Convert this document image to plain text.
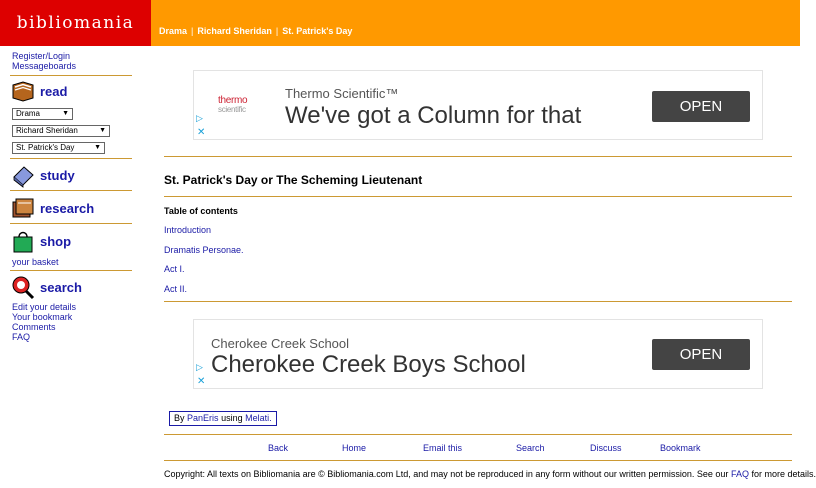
bibliomania	Drama | Richard Sheridan | St. Patrick's Day
Register/Login
Messageboards
read
Drama	▼
Richard Sheridan	▼
St. Patrick's Day	▼
study
research
shop
your basket
search
Edit your details
Your bookmark
Comments
FAQ
thermo
scientific
Thermo Scientific™
We've got a Column for that	OPEN
▷
✕
St. Patrick's Day or The Scheming Lieutenant
Table of contents
Introduction
Dramatis Personae.
Act I.
Act II.
Cherokee Creek School
Cherokee Creek Boys School	OPEN
▷
✕
By PanEris using Melati.
Back	Home	Email this	Search	Discuss	Bookmark
Copyright: All texts on Bibliomania are © Bibliomania.com Ltd, and may not be reproduced in any form without our written permission. See our FAQ for more details.
